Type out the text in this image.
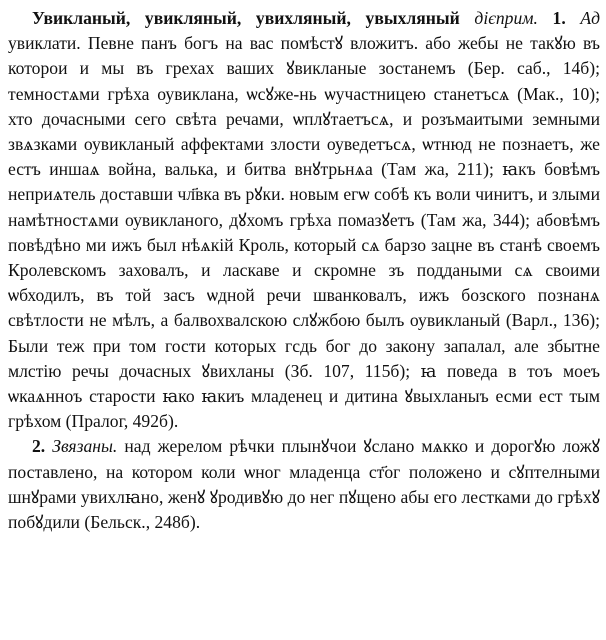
Увикланый, увикляный, увихляный, увыхляный дієприм. 1. Ад увиклати. Певне панъ богъ на вас помѣстꙋ вложитъ. або жебы не такꙋю въ которои и мы въ грехах ваших ꙋвикланые зостанемъ (Бер. саб., 14б); темностѧми грѣха оувиклана, ѡсꙋже-нь ѡучастницею станетъсѧ (Мак., 10); хто дочасными сего свѣта речами, ѡплꙋтаетъсѧ, и розъмаитыми земными звѧзками оувикланый аффектами злости оуведетъсѧ, ѡтнюд не познаетъ, же естъ иншаѧ война, валька, и битва внꙋтрьнѧа (Там жа, 211); ꙗкъ бовѣмъ неприѧтель доставши чл҃вка въ рꙋки. новым егѡ собѣ къ воли чинитъ, и злыми намѣтностѧми оувикланого, дꙋхомъ грѣха помазꙋетъ (Там жа, 344); абовѣмъ повѣдѣно ми ижъ был нѣѧкій Кроль, который сѧ барзо зацне въ станѣ своемъ Кролевскомъ заховалъ, и ласкаве и скромне зъ поддаными сѧ своими ѡбходилъ, въ той засъ ѡдной речи шванковалъ, ижъ бозского познанѧ свѣтлости не мѣлъ, а балвохвалскою слꙋжбою былъ оувикланый (Варл., 136); Были теж при том гости которых гсдь бог до закону запалал, але збытне млстію речы дочасных ꙋвихланы (Зб. 107, 115б); ꙗ поведа в тоъ моеъ ѡкаѧнноъ старости ꙗко ꙗкиъ младенец и дитина ꙋвыхланыъ есми ест тым грѣхом (Пралог, 492б).

2. Звязаны. над жерелом рѣчки плынꙋчои ꙋслано мѧкко и дорогꙋю ложꙋ поставлено, на котором коли ѡног младенца ст҃ог положено и сꙋптелными шнꙋрами увихлꙗно, женꙋ ꙋродивꙋю до нег пꙋщено абы его лестками до грѣхꙋ побꙋдили (Бельск., 248б).
